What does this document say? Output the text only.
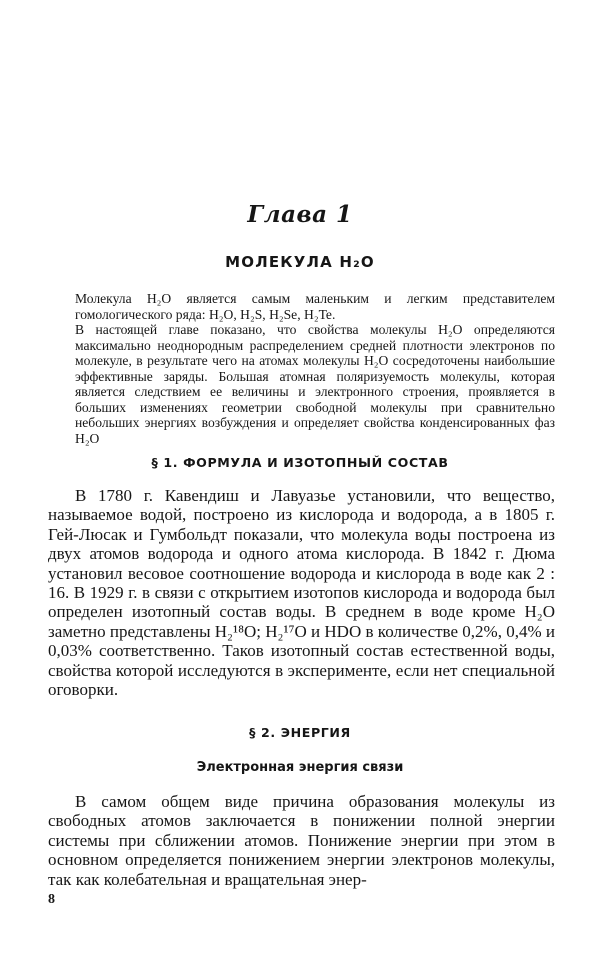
Глава 1
МОЛЕКУЛА H₂O

Молекула H₂O является самым маленьким и легким представителем гомологического ряда: H₂O, H₂S, H₂Se, H₂Te.

В настоящей главе показано, что свойства молекулы H₂O определяются максимально неоднородным распределением средней плотности электронов по молекуле, в результате чего на атомах молекулы H₂O сосредоточены наибольшие эффективные заряды. Большая атомная поляризуемость молекулы, которая является следствием ее величины и электронного строения, проявляется в больших изменениях геометрии свободной молекулы при сравнительно небольших энергиях возбуждения и определяет свойства конденсированных фаз H₂O

§ 1. ФОРМУЛА И ИЗОТОПНЫЙ СОСТАВ

В 1780 г. Кавендиш и Лавуазье установили, что вещество, называемое водой, построено из кислорода и водорода, а в 1805 г. Гей-Люсак и Гумбольдт показали, что молекула воды построена из двух атомов водорода и одного атома кислорода. В 1842 г. Дюма установил весовое соотношение водорода и кислорода в воде как 2 : 16. В 1929 г. в связи с открытием изотопов кислорода и водорода был определен изотопный состав воды. В среднем в воде кроме H₂O заметно представлены H₂¹⁸O; H₂¹⁷O и HDO в количестве 0,2%, 0,4% и 0,03% соответственно. Таков изотопный состав естественной воды, свойства которой исследуются в эксперименте, если нет специальной оговорки.

§ 2. ЭНЕРГИЯ
Электронная энергия связи

В самом общем виде причина образования молекулы из свободных атомов заключается в понижении полной энергии системы при сближении атомов. Понижение энергии при этом в основном определяется понижением энергии электронов молекулы, так как колебательная и вращательная энер-

8
